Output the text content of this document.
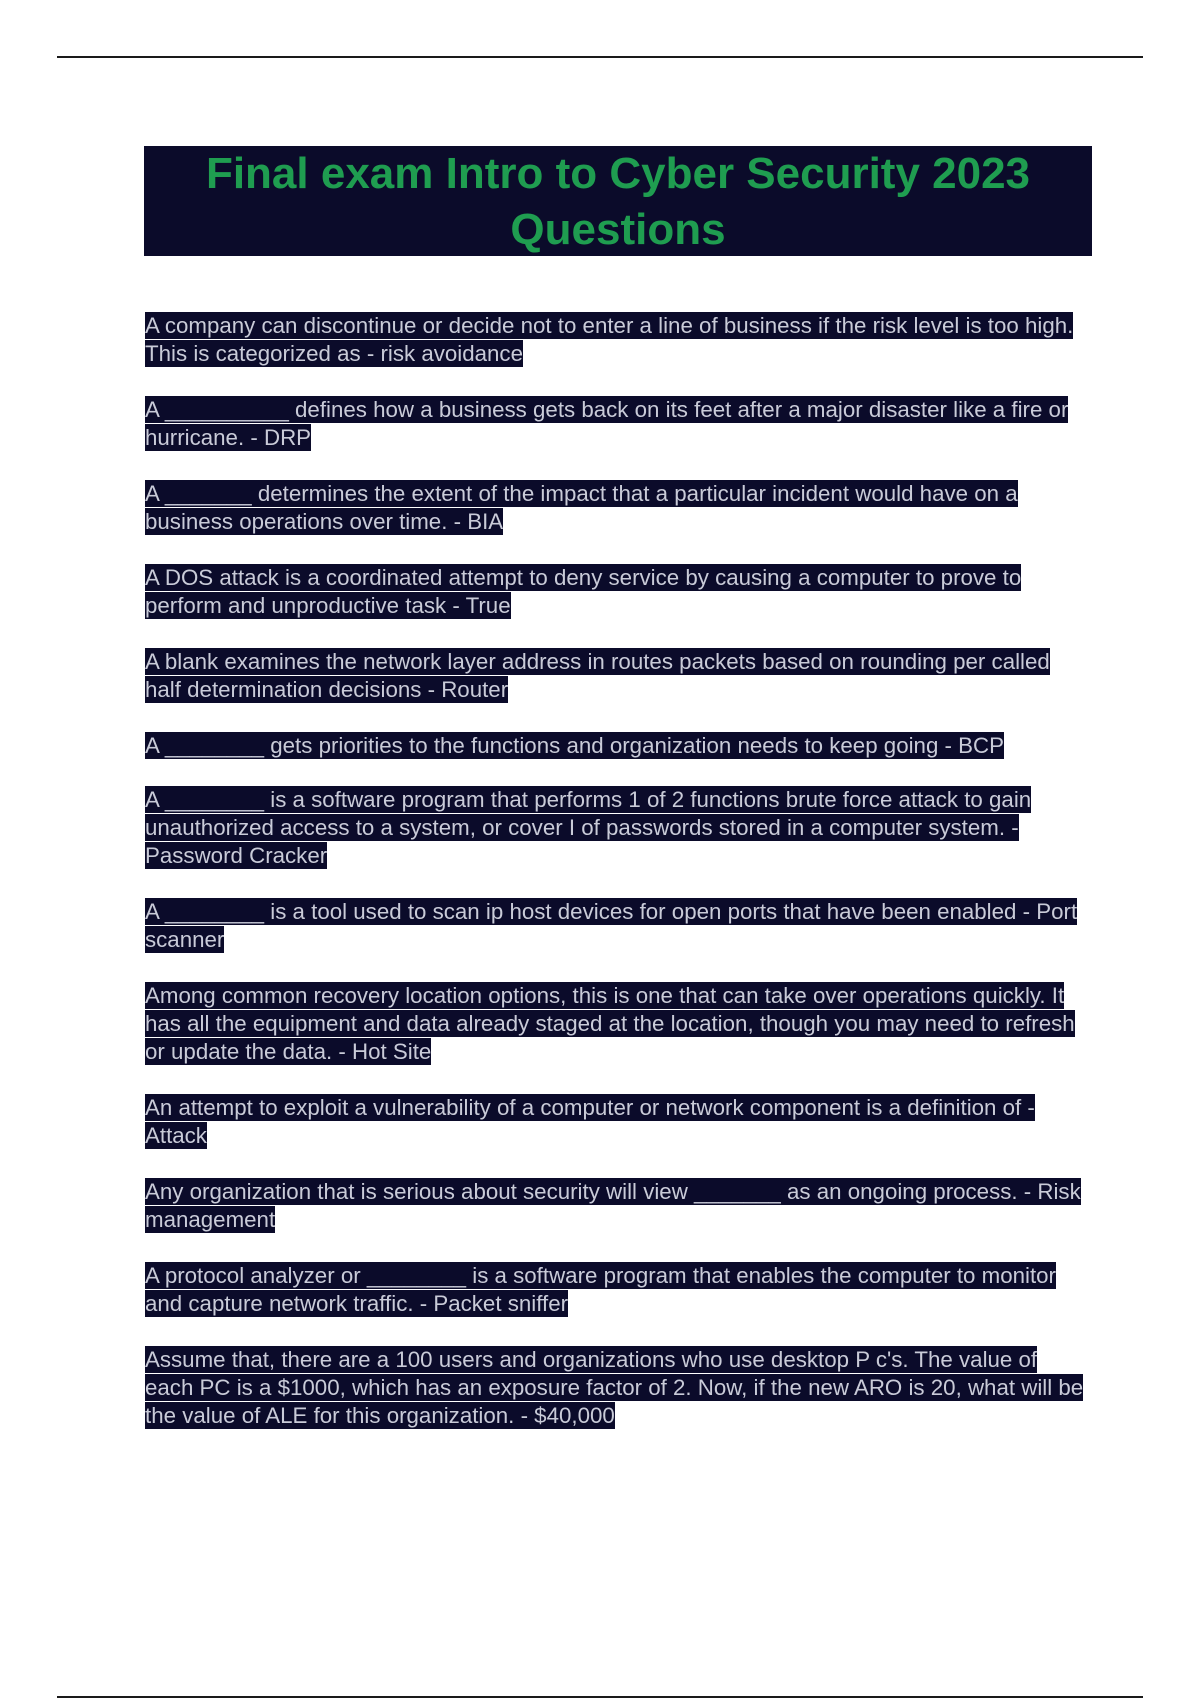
Final exam Intro to Cyber Security 2023 Questions

A company can discontinue or decide not to enter a line of business if the risk level is too high. This is categorized as - risk avoidance

A __________ defines how a business gets back on its feet after a major disaster like a fire or hurricane. - DRP

A _______ determines the extent of the impact that a particular incident would have on a business operations over time. - BIA

A DOS attack is a coordinated attempt to deny service by causing a computer to prove to perform and unproductive task - True

A blank examines the network layer address in routes packets based on rounding per called half determination decisions - Router

A ________ gets priorities to the functions and organization needs to keep going - BCP

A ________ is a software program that performs 1 of 2 functions brute force attack to gain unauthorized access to a system, or cover I of passwords stored in a computer system. - Password Cracker

A ________ is a tool used to scan ip host devices for open ports that have been enabled - Port scanner

Among common recovery location options, this is one that can take over operations quickly. It has all the equipment and data already staged at the location, though you may need to refresh or update the data. - Hot Site

An attempt to exploit a vulnerability of a computer or network component is a definition of - Attack

Any organization that is serious about security will view _______ as an ongoing process. - Risk management

A protocol analyzer or ________ is a software program that enables the computer to monitor and capture network traffic. - Packet sniffer

Assume that, there are a 100 users and organizations who use desktop P c's. The value of each PC is a $1000, which has an exposure factor of 2. Now, if the new ARO is 20, what will be the value of ALE for this organization. - $40,000
